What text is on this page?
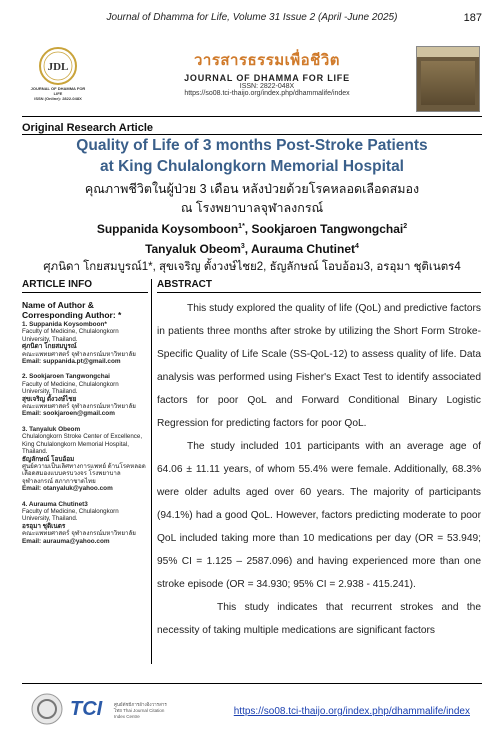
Journal of Dhamma for Life, Volume 31 Issue 2 (April -June 2025)	187
JDL
JOURNAL OF DHAMMA FOR LIFE
ISSN (Online): 2822-048X
วารสารธรรมเพื่อชีวิต
JOURNAL OF DHAMMA FOR LIFE
ISSN: 2822-048X
https://so08.tci-thaijo.org/index.php/dhammalife/index
Original Research Article
Quality of Life of 3 months Post-Stroke Patients
at King Chulalongkorn Memorial Hospital
คุณภาพชีวิตในผู้ป่วย 3 เดือน หลังป่วยด้วยโรคหลอดเลือดสมอง
ณ โรงพยาบาลจุฬาลงกรณ์
Suppanida Koysomboon$^{1*}$, Sookjaroen Tangwongchai$^2$
Tanyaluk Obeom$^3$, Aurauma Chutinet$^4$
ศุภนิดา โกยสมบูรณ์1*, สุขเจริญ ตั้งวงษ์ไชย2, ธัญลักษณ์ โอบอ้อม3, อรอุมา ชุติเนตร4
ARTICLE INFO
Name of Author & Corresponding Author: *
1. Suppanida Koysomboon*
Faculty of Medicine, Chulalongkorn University, Thailand.
ศุภนิดา โกยสมบูรณ์
คณะแพทยศาสตร์ จุฬาลงกรณ์มหาวิทยาลัย
Email: suppanida.pt@gmail.com

2. Sookjaroen Tangwongchai
Faculty of Medicine, Chulalongkorn University, Thailand.
สุขเจริญ ตั้งวงษ์ไชย
คณะแพทยศาสตร์ จุฬาลงกรณ์มหาวิทยาลัย
Email: sookjaroen@gmail.com

3. Tanyaluk Obeom
Chulalongkorn Stroke Center of Excellence, King Chulalongkorn Memorial Hospital, Thailand.
ธัญลักษณ์ โอบอ้อม
ศูนย์ความเป็นเลิศทางการแพทย์ ด้านโรคหลอดเลือดสมองแบบครบวงจร โรงพยาบาลจุฬาลงกรณ์ สภากาชาดไทย
Email: otanyaluk@yahoo.com

4. Aurauma Chutinet3
Faculty of Medicine, Chulalongkorn University, Thailand.
อรอุมา ชุติเนตร
คณะแพทยศาสตร์ จุฬาลงกรณ์มหาวิทยาลัย
Email: aurauma@yahoo.com

ABSTRACT

This study explored the quality of life (QoL) and predictive factors in patients three months after stroke by utilizing the Short Form Stroke-Specific Quality of Life Scale (SS-QoL-12) to assess quality of life. Data analysis was performed using Fisher's Exact Test to identify associated factors for poor QoL and Forward Conditional Binary Logistic Regression for predicting factors for poor QoL.

The study included 101 participants with an average age of 64.06 ± 11.11 years, of whom 55.4% were female. Additionally, 68.3% were older adults aged over 60 years. The majority of participants (94.1%) had a good QoL. However, factors predicting moderate to poor QoL included taking more than 10 medications per day (OR = 53.949; 95% CI = 1.125 – 2587.096) and having experienced more than one stroke episode (OR = 34.930; 95% CI = 2.938 - 415.241).

This study indicates that recurrent strokes and the necessity of taking multiple medications are significant factors

TCI	ศูนย์ดัชนีการอ้างอิงวารสารไทย Thai Journal Citation Index Centre	https://so08.tci-thaijo.org/index.php/dhammalife/index
